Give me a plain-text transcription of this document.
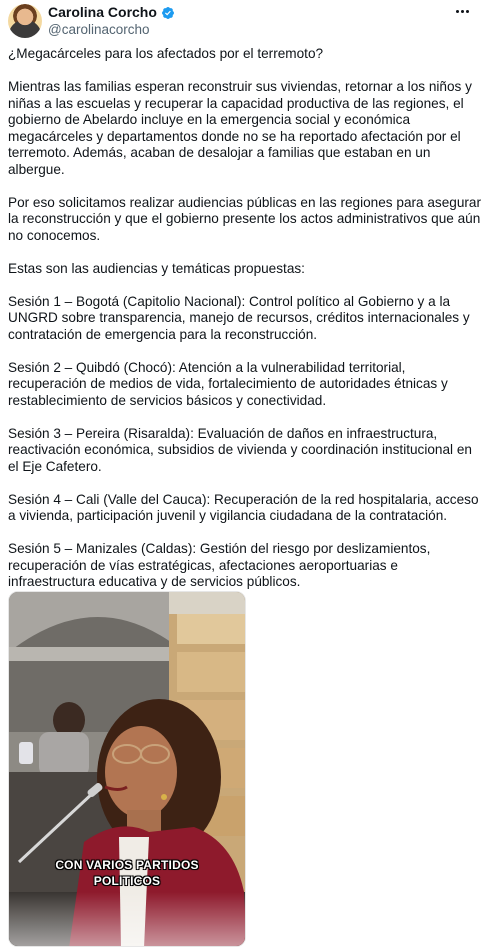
Carolina Corcho
@carolinacorcho

¿Megacárceles para los afectados por el terremoto?

Mientras las familias esperan reconstruir sus viviendas, retornar a los niños y niñas a las escuelas y recuperar la capacidad productiva de las regiones, el gobierno de Abelardo incluye en la emergencia social y económica megacárceles y departamentos donde no se ha reportado afectación por el terremoto. Además, acaban de desalojar a familias que estaban en un albergue.

Por eso solicitamos realizar audiencias públicas en las regiones para asegurar la reconstrucción y que el gobierno presente los actos administrativos que aún no conocemos.

Estas son las audiencias y temáticas propuestas:

Sesión 1 – Bogotá (Capitolio Nacional): Control político al Gobierno y a la UNGRD sobre transparencia, manejo de recursos, créditos internacionales y contratación de emergencia para la reconstrucción.

Sesión 2 – Quibdó (Chocó): Atención a la vulnerabilidad territorial, recuperación de medios de vida, fortalecimiento de autoridades étnicas y restablecimiento de servicios básicos y conectividad.

Sesión 3 – Pereira (Risaralda): Evaluación de daños en infraestructura, reactivación económica, subsidios de vivienda y coordinación institucional en el Eje Cafetero.

Sesión 4 – Cali (Valle del Cauca): Recuperación de la red hospitalaria, acceso a vivienda, participación juvenil y vigilancia ciudadana de la contratación.

Sesión 5 – Manizales (Caldas): Gestión del riesgo por deslizamientos, recuperación de vías estratégicas, afectaciones aeroportuarias e infraestructura educativa y de servicios públicos.

CON VARIOS PARTIDOS
POLITICOS
